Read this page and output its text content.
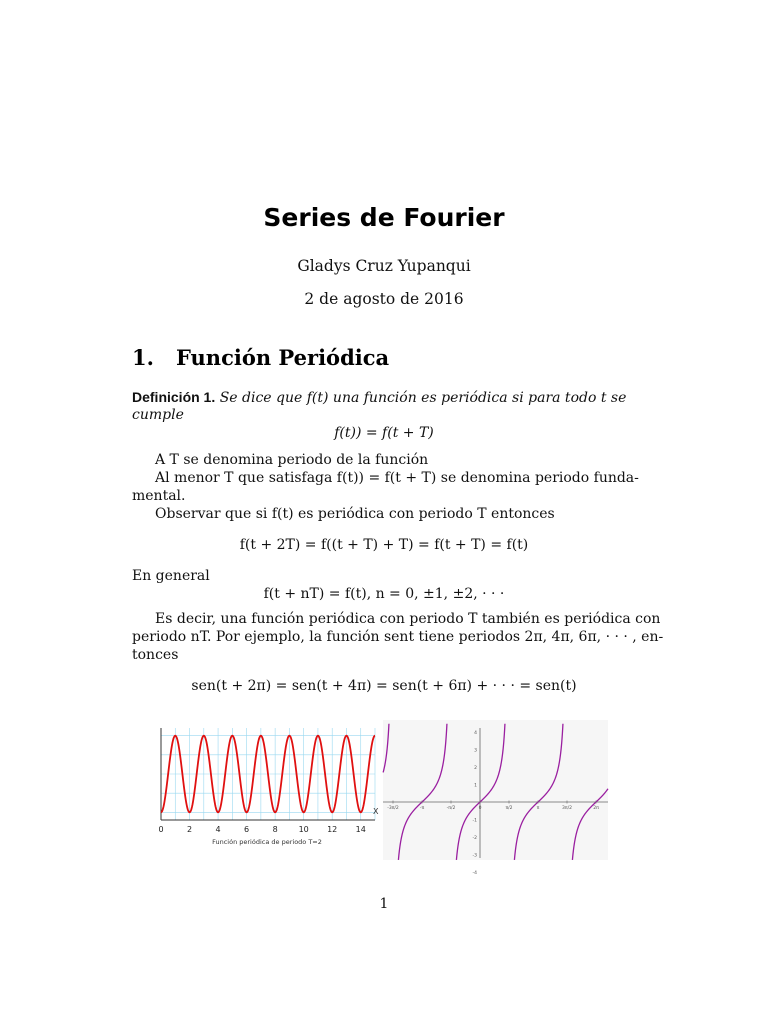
Series de Fourier
Gladys Cruz Yupanqui
2 de agosto de 2016
1. Función Periódica
Definición 1. Se dice que f(t) una función es periódica si para todo t se
cumple
f(t)) = f(t + T)
A T se denomina periodo de la función
Al menor T que satisfaga f(t)) = f(t + T) se denomina periodo funda-
mental.
Observar que si f(t) es periódica con periodo T entonces
f(t + 2T) = f((t + T) + T) = f(t + T) = f(t)
En general
f(t + nT) = f(t), n = 0, ±1, ±2, · · ·
Es decir, una función periódica con periodo T también es periódica con
periodo nT. Por ejemplo, la función sent tiene periodos 2π, 4π, 6π, · · · , en-
tonces
sen(t + 2π) = sen(t + 4π) = sen(t + 6π) + · · · = sen(t)
0	2	4	6	8	10 12 14
X
Función periódica de periodo T=2
4
3
2
1
-1
-2
-3
-4
-3π/2	-π	-π/2	0	π/2	π	3π/2	2π
1
